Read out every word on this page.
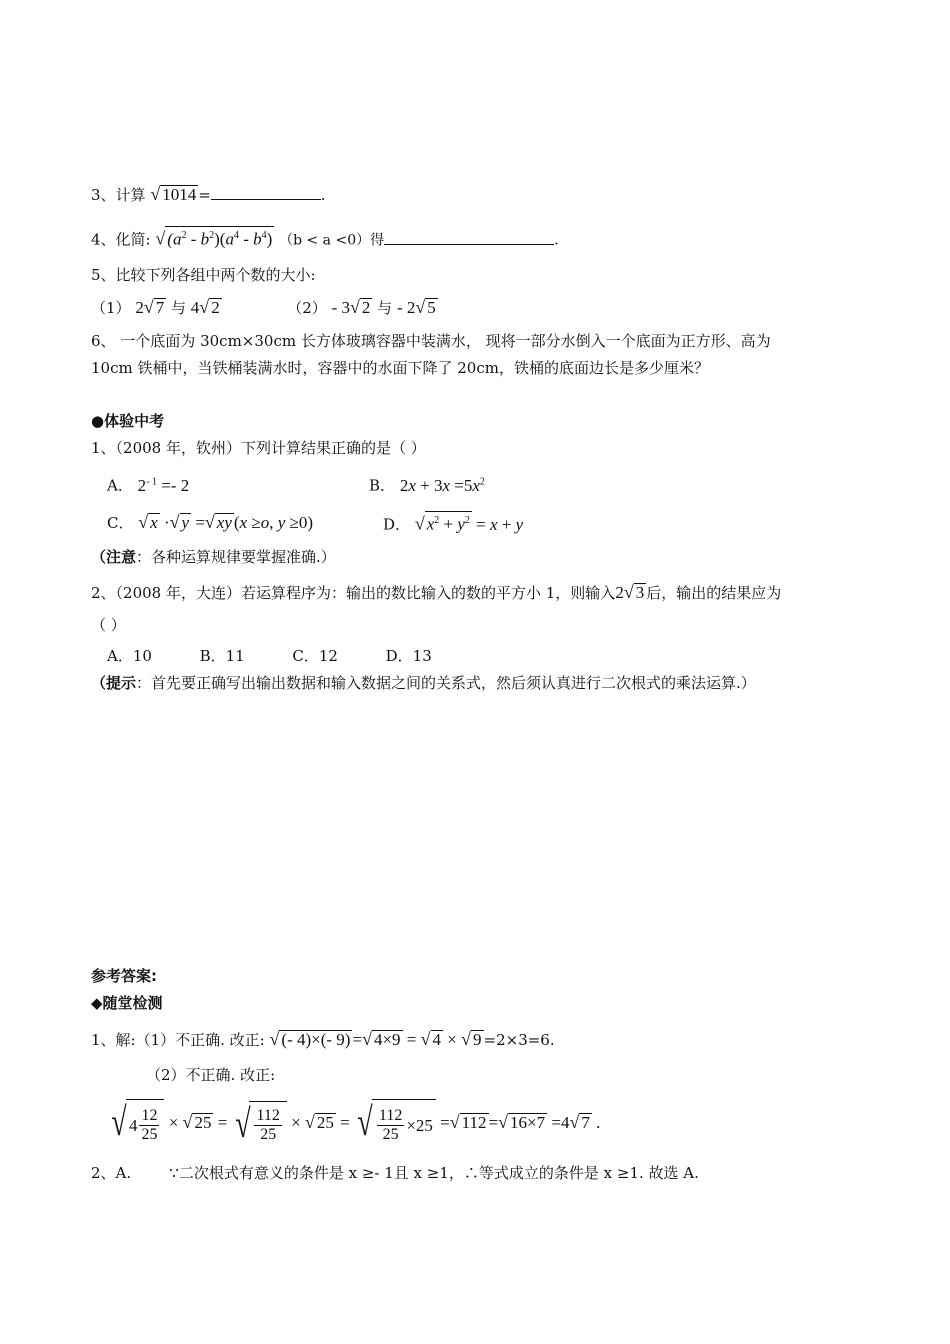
3、计算 √ 1014 =	.
4、化简: √ $(a^2 - b^2)(a^4 - b^4) (b < a <0)$得	.
5、比较下列各组中两个数的大小:
（1） 2√ 7 与 4√ 2	（2） - 3√ 2 与 - 2√ 5
6、 一个底面为 30cm×30cm 长方体玻璃容器中装满水， 现将一部分水倒入一个底面为正方形、高为
10cm 铁桶中，当铁桶装满水时，容器中的水面下降了 20cm，铁桶的底面边长是多少厘米？
●体验中考
1、（2008 年，钦州）下列计算结果正确的是（ ）
A． $2^{- 1} =- 2$	B． $2x + 3x =5x^2$
C． √ x ·√ y =√ xy (x ≥o, y ≥0)	D． √ $x^2 + y^2 = x + y$
（注意：各种运算规律要掌握准确.）
2、（2008 年，大连）若运算程序为：输出的数比输入的数的平方小 1，则输入2√ 3 后，输出的结果应为
（ ）
A．10          B．11          C．12          D．13
（提示：首先要正确写出输出数据和输入数据之间的关系式，然后须认真进行二次根式的乘法运算.）
参考答案:
◆随堂检测
1、解:（1）不正确. 改正: √ (- 4)×(- 9) =√ 4×9 = √ 4 × √ 9 =2×3=6.
（2）不正确. 改正:
√ $4 \frac{12}{25}$ × √ 25 = √ $\frac{112}{25}$ × √ 25 = √ $\frac{112}{25} \times 25$ =√ 112 =√ 16×7 =4√ 7 .
2、A.        ∵二次根式有意义的条件是 x ≥- 1且 x ≥1，∴等式成立的条件是 x ≥1. 故选 A.
